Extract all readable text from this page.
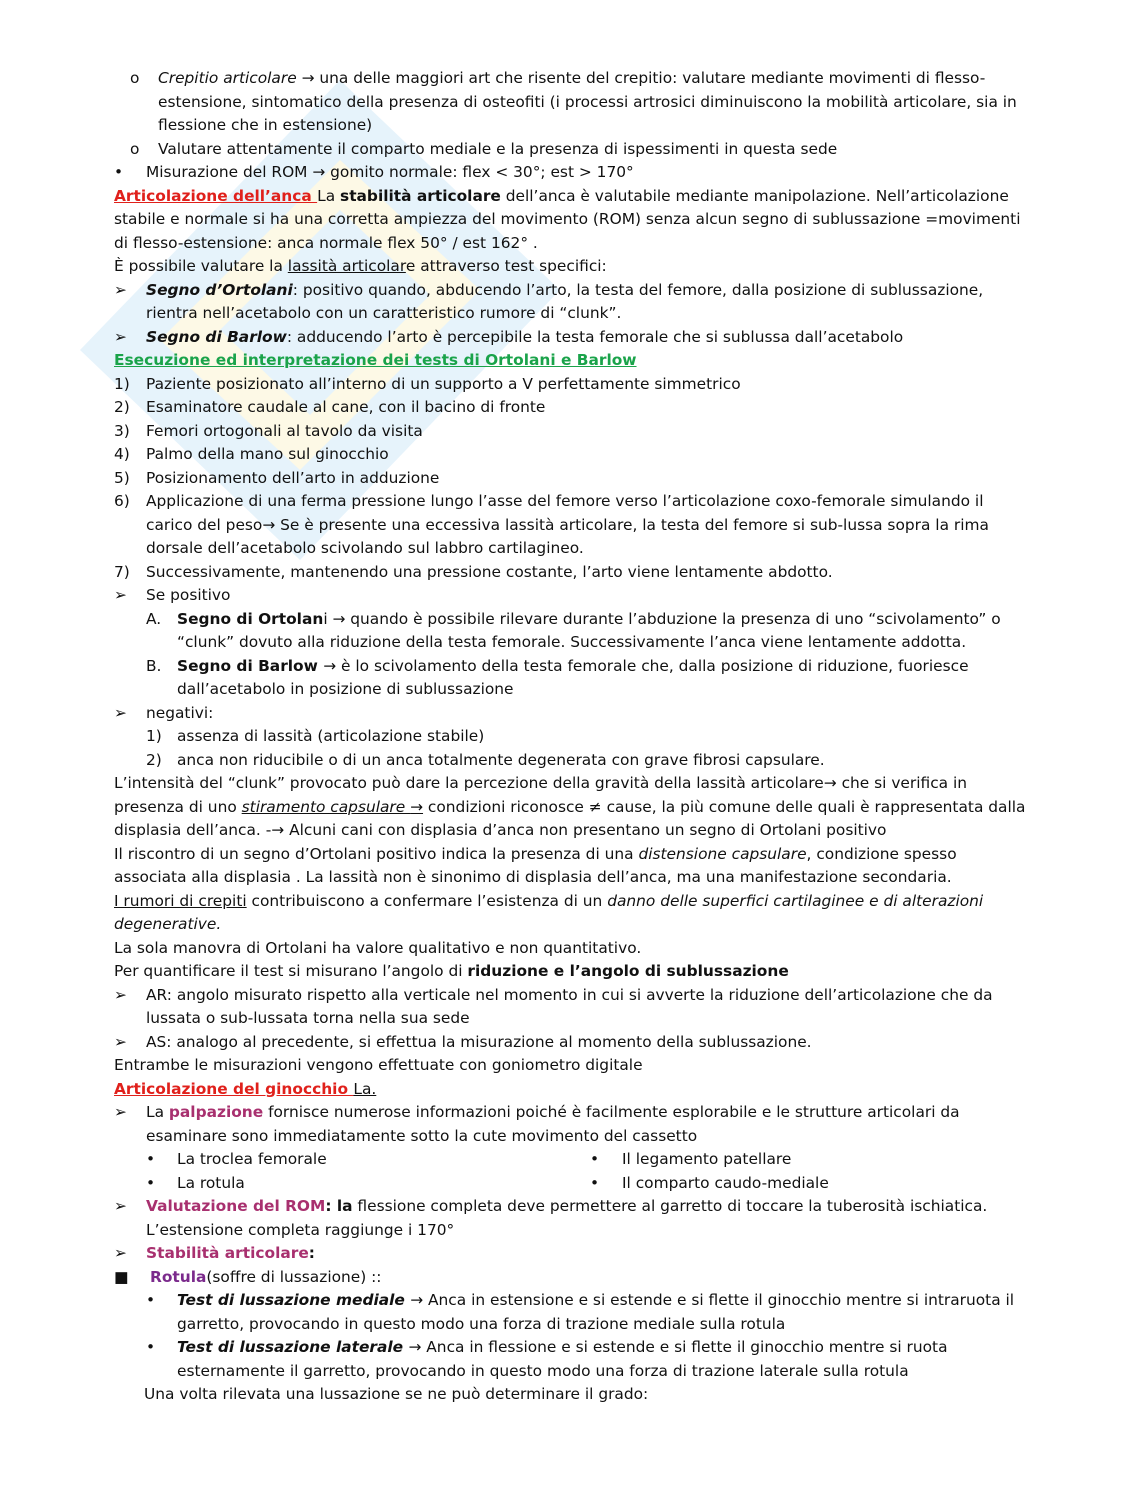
o	Crepitio articolare → una delle maggiori art che risente del crepitio: valutare mediante movimenti di flesso-estensione, sintomatico della presenza di osteofiti (i processi artrosici diminuiscono la mobilità articolare, sia in flessione che in estensione)
o	Valutare attentamente il comparto mediale e la presenza di ispessimenti in questa sede
•	Misurazione del ROM → gomito normale: flex < 30°; est > 170°

Articolazione dell’anca La stabilità articolare dell’anca è valutabile mediante manipolazione. Nell’articolazione stabile e normale si ha una corretta ampiezza del movimento (ROM) senza alcun segno di sublussazione =movimenti di flesso-estensione: anca normale flex 50° / est 162° .

È possibile valutare la lassità articolare attraverso test specifici:

➢	Segno d’Ortolani: positivo quando, abducendo l’arto, la testa del femore, dalla posizione di sublussazione, rientra nell’acetabolo con un caratteristico rumore di “clunk”.
➢	Segno di Barlow: adducendo l’arto è percepibile la testa femorale che si sublussa dall’acetabolo

Esecuzione ed interpretazione dei tests di Ortolani e Barlow

1)	Paziente posizionato all’interno di un supporto a V perfettamente simmetrico
2)	Esaminatore caudale al cane, con il bacino di fronte
3)	Femori ortogonali al tavolo da visita
4)	Palmo della mano sul ginocchio
5)	Posizionamento dell’arto in adduzione
6)	Applicazione di una ferma pressione lungo l’asse del femore verso l’articolazione coxo-femorale simulando il carico del peso→ Se è presente una eccessiva lassità articolare, la testa del femore si sub-lussa sopra la rima dorsale dell’acetabolo scivolando sul labbro cartilagineo.
7)	Successivamente, mantenendo una pressione costante, l’arto viene lentamente abdotto.
➢	Se positivo
A.	Segno di Ortolani → quando è possibile rilevare durante l’abduzione la presenza di uno “scivolamento” o “clunk” dovuto alla riduzione della testa femorale. Successivamente l’anca viene lentamente addotta.
B.	Segno di Barlow → è lo scivolamento della testa femorale che, dalla posizione di riduzione, fuoriesce dall’acetabolo in posizione di sublussazione
➢	negativi:
1) assenza di lassità (articolazione stabile)
2) anca non riducibile o di un anca totalmente degenerata con grave fibrosi capsulare.

L’intensità del “clunk” provocato può dare la percezione della gravità della lassità articolare→ che si verifica in presenza di uno stiramento capsulare → condizioni riconosce ≠ cause, la più comune delle quali è rappresentata dalla displasia dell’anca. -→ Alcuni cani con displasia d’anca non presentano un segno di Ortolani positivo

Il riscontro di un segno d’Ortolani positivo indica la presenza di una distensione capsulare, condizione spesso associata alla displasia . La lassità non è sinonimo di displasia dell’anca, ma una manifestazione secondaria.

I rumori di crepiti contribuiscono a confermare l’esistenza di un danno delle superfici cartilaginee e di alterazioni degenerative.

La sola manovra di Ortolani ha valore qualitativo e non quantitativo.

Per quantificare il test si misurano l’angolo di riduzione e l’angolo di sublussazione

➢	AR: angolo misurato rispetto alla verticale nel momento in cui si avverte la riduzione dell’articolazione che da lussata o sub-lussata torna nella sua sede
➢	AS: analogo al precedente, si effettua la misurazione al momento della sublussazione.

Entrambe le misurazioni vengono effettuate con goniometro digitale

Articolazione del ginocchio La.

➢	La palpazione fornisce numerose informazioni poiché è facilmente esplorabile e le strutture articolari da esaminare sono immediatamente sotto la cute movimento del cassetto
•	La troclea femorale
•	La rotula
•	Il legamento patellare
•	Il comparto caudo-mediale
➢	Valutazione del ROM: la flessione completa deve permettere al garretto di toccare la tuberosità ischiatica. L’estensione completa raggiunge i 170°
➢	Stabilità articolare:
■	Rotula(soffre di lussazione) ::
•	Test di lussazione mediale → Anca in estensione e si estende e si flette il ginocchio mentre si intraruota il garretto, provocando in questo modo una forza di trazione mediale sulla rotula
•	Test di lussazione laterale → Anca in flessione e si estende e si flette il ginocchio mentre si ruota esternamente il garretto, provocando in questo modo una forza di trazione laterale sulla rotula

Una volta rilevata una lussazione se ne può determinare il grado:
